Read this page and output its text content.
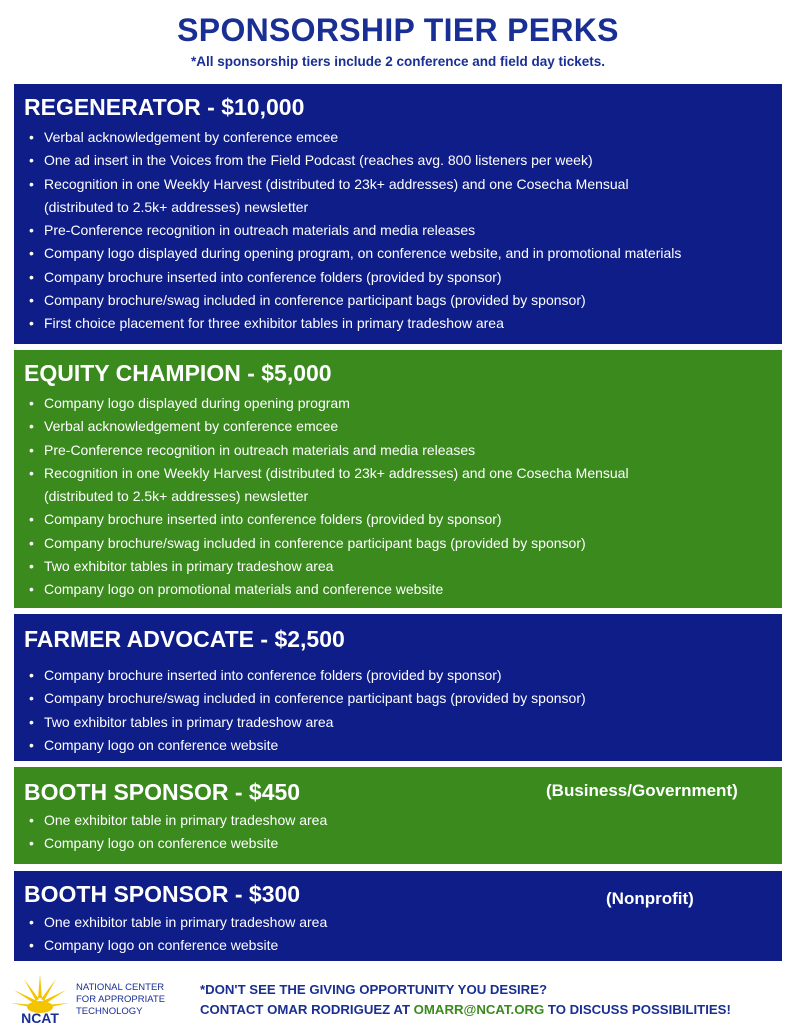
SPONSORSHIP TIER PERKS
*All sponsorship tiers include 2 conference and field day tickets.
REGENERATOR - $10,000
• Verbal acknowledgement by conference emcee
• One ad insert in the Voices from the Field Podcast (reaches avg. 800 listeners per week)
• Recognition in one Weekly Harvest (distributed to 23k+ addresses) and one Cosecha Mensual
(distributed to 2.5k+ addresses) newsletter
• Pre-Conference recognition in outreach materials and media releases
• Company logo displayed during opening program, on conference website, and in promotional materials
• Company brochure inserted into conference folders (provided by sponsor)
• Company brochure/swag included in conference participant bags (provided by sponsor)
• First choice placement for three exhibitor tables in primary tradeshow area
EQUITY CHAMPION - $5,000
• Company logo displayed during opening program
• Verbal acknowledgement by conference emcee
• Pre-Conference recognition in outreach materials and media releases
• Recognition in one Weekly Harvest (distributed to 23k+ addresses) and one Cosecha Mensual
(distributed to 2.5k+ addresses) newsletter
• Company brochure inserted into conference folders (provided by sponsor)
• Company brochure/swag included in conference participant bags (provided by sponsor)
• Two exhibitor tables in primary tradeshow area
• Company logo on promotional materials and conference website
FARMER ADVOCATE - $2,500
• Company brochure inserted into conference folders (provided by sponsor)
• Company brochure/swag included in conference participant bags (provided by sponsor)
• Two exhibitor tables in primary tradeshow area
• Company logo on conference website
BOOTH SPONSOR - $450	(Business/Government)
• One exhibitor table in primary tradeshow area
• Company logo on conference website
BOOTH SPONSOR - $300	(Nonprofit)
• One exhibitor table in primary tradeshow area
• Company logo on conference website
NCAT
NATIONAL CENTER
FOR APPROPRIATE
TECHNOLOGY
*DON'T SEE THE GIVING OPPORTUNITY YOU DESIRE?
CONTACT OMAR RODRIGUEZ AT OMARR@NCAT.ORG TO DISCUSS POSSIBILITIES!
